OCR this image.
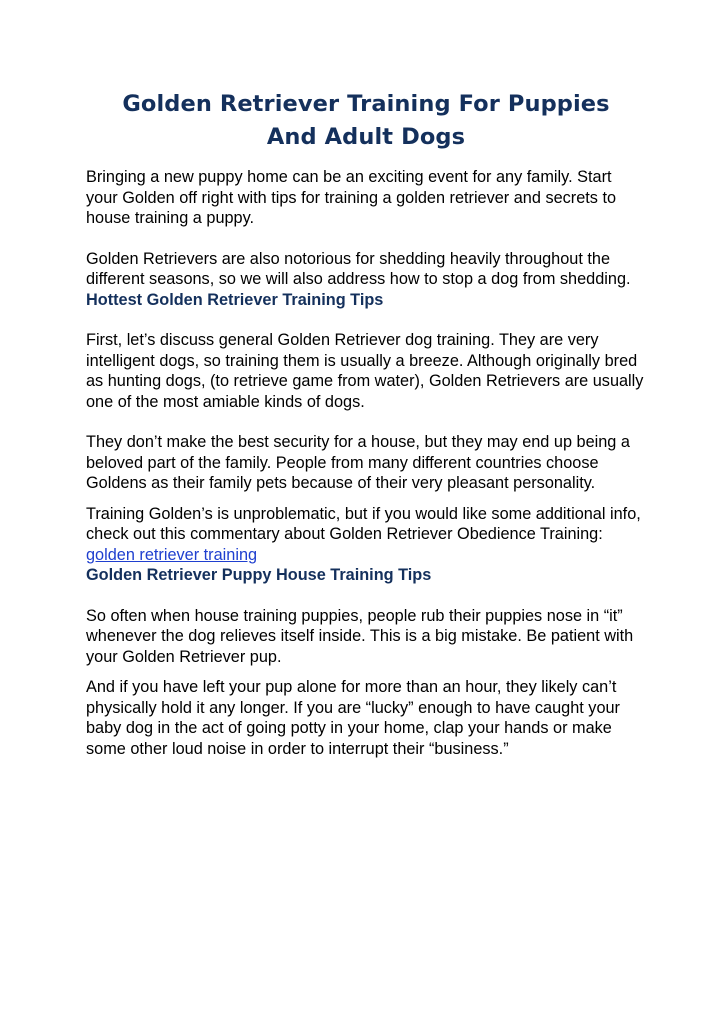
Golden Retriever Training For Puppies
And Adult Dogs

Bringing a new puppy home can be an exciting event for any family. Start your Golden off right with tips for training a golden retriever and secrets to house training a puppy.

Golden Retrievers are also notorious for shedding heavily throughout the different seasons, so we will also address how to stop a dog from shedding.

Hottest Golden Retriever Training Tips

First, let’s discuss general Golden Retriever dog training. They are very intelligent dogs, so training them is usually a breeze. Although originally bred as hunting dogs, (to retrieve game from water), Golden Retrievers are usually one of the most amiable kinds of dogs.

They don’t make the best security for a house, but they may end up being a beloved part of the family. People from many different countries choose Goldens as their family pets because of their very pleasant personality.

Training Golden’s is unproblematic, but if you would like some additional info, check out this commentary about Golden Retriever Obedience Training: golden retriever training

Golden Retriever Puppy House Training Tips

So often when house training puppies, people rub their puppies nose in “it” whenever the dog relieves itself inside. This is a big mistake. Be patient with your Golden Retriever pup.

And if you have left your pup alone for more than an hour, they likely can’t physically hold it any longer. If you are “lucky” enough to have caught your baby dog in the act of going potty in your home, clap your hands or make some other loud noise in order to interrupt their “business.”
